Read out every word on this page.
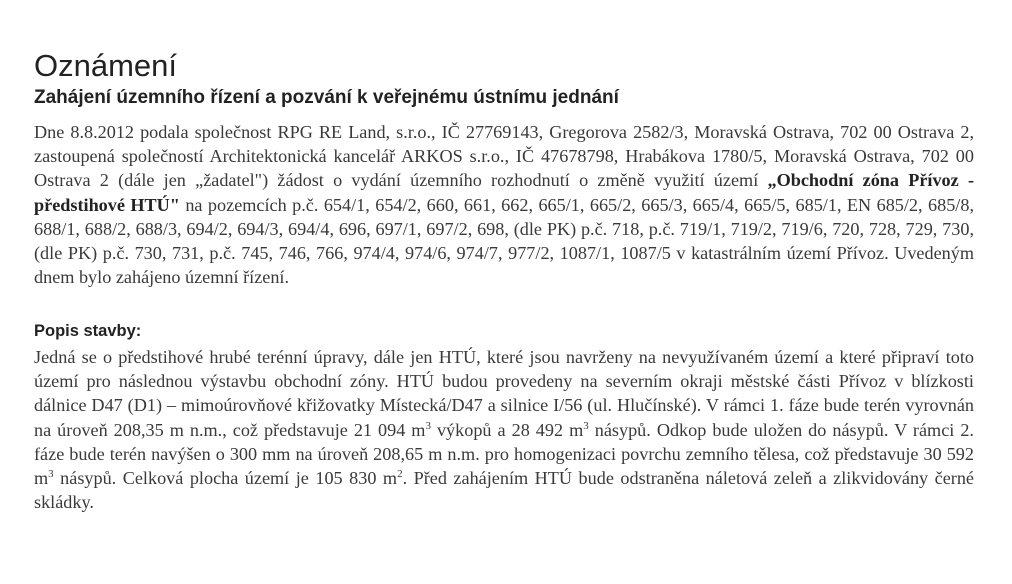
Oznámení
Zahájení územního řízení a pozvání k veřejnému ústnímu jednání

Dne 8.8.2012 podala společnost RPG RE Land, s.r.o., IČ 27769143, Gregorova 2582/3, Moravská Ostrava, 702 00 Ostrava 2, zastoupená společností Architektonická kancelář ARKOS s.r.o., IČ 47678798, Hrabákova 1780/5, Moravská Ostrava, 702 00 Ostrava 2 (dále jen „žadatel") žádost o vydání územního rozhodnutí o změně využití území „Obchodní zóna Přívoz - předstihové HTÚ" na pozemcích p.č. 654/1, 654/2, 660, 661, 662, 665/1, 665/2, 665/3, 665/4, 665/5, 685/1, EN 685/2, 685/8, 688/1, 688/2, 688/3, 694/2, 694/3, 694/4, 696, 697/1, 697/2, 698, (dle PK) p.č. 718, p.č. 719/1, 719/2, 719/6, 720, 728, 729, 730, (dle PK) p.č. 730, 731, p.č. 745, 746, 766, 974/4, 974/6, 974/7, 977/2, 1087/1, 1087/5 v katastrálním území Přívoz. Uvedeným dnem bylo zahájeno územní řízení.

Popis stavby:

Jedná se o předstihové hrubé terénní úpravy, dále jen HTÚ, které jsou navrženy na nevyužívaném území a které připraví toto území pro následnou výstavbu obchodní zóny. HTÚ budou provedeny na severním okraji městské části Přívoz v blízkosti dálnice D47 (D1) – mimoúrovňové křižovatky Místecká/D47 a silnice I/56 (ul. Hlučínské). V rámci 1. fáze bude terén vyrovnán na úroveň 208,35 m n.m., což představuje 21 094 $m^3$ výkopů a 28 492 $m^3$ násypů. Odkop bude uložen do násypů. V rámci 2. fáze bude terén navýšen o 300 mm na úroveň 208,65 m n.m. pro homogenizaci povrchu zemního tělesa, což představuje 30 592 $m^3$ násypů. Celková plocha území je 105 830 $m^2$. Před zahájením HTÚ bude odstraněna náletová zeleň a zlikvidovány černé skládky.
